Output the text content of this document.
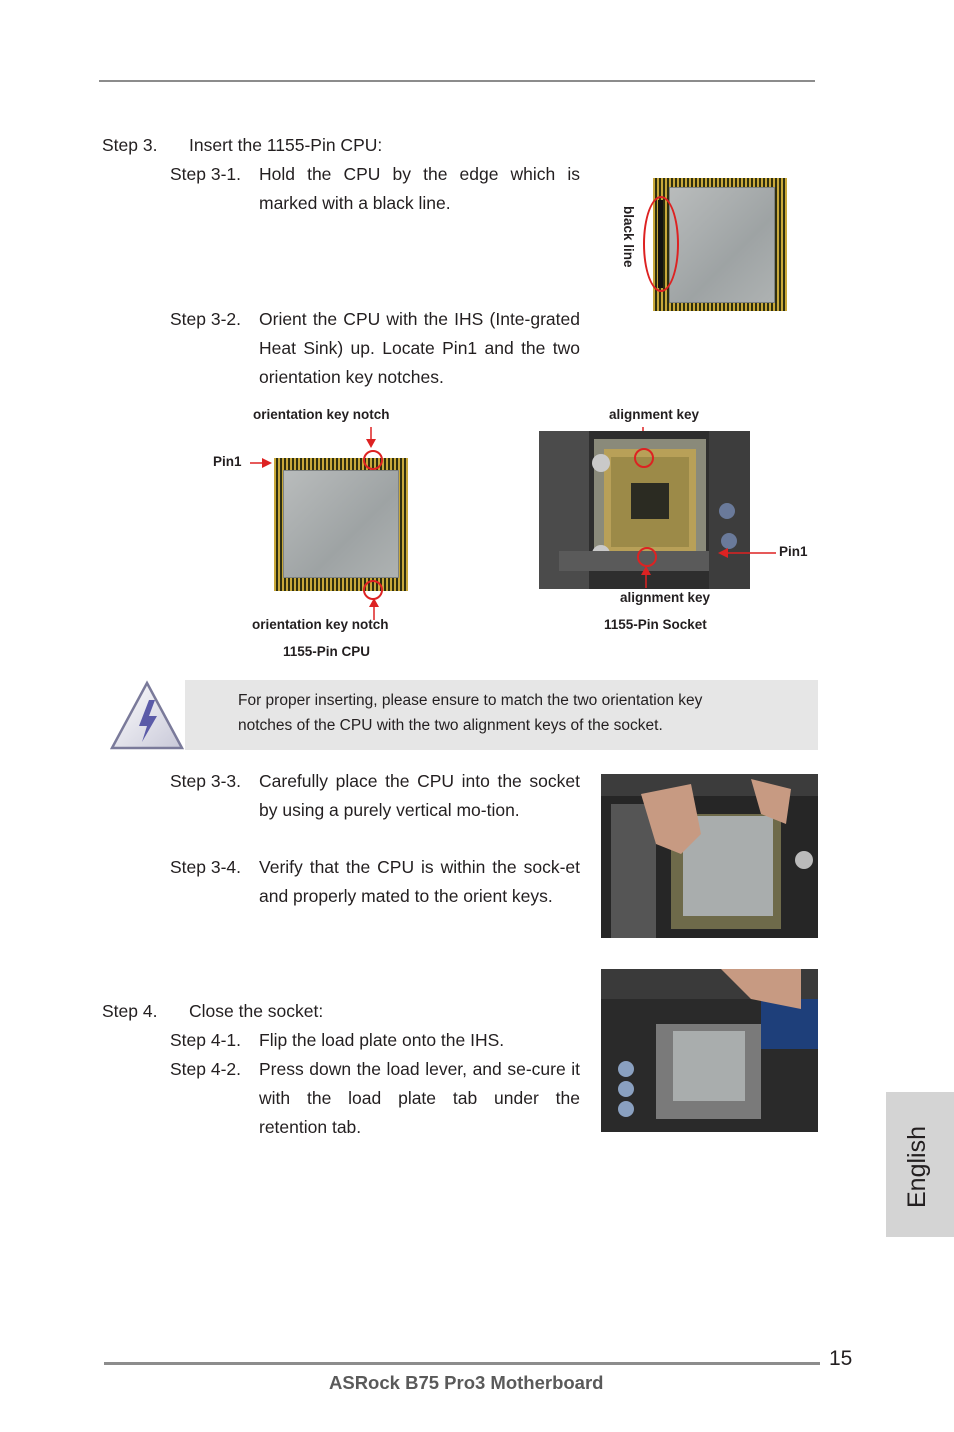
Step 3. Insert the 1155-Pin CPU:
Step 3-1. Hold the CPU by the edge which is marked with a black line.
black line
Step 3-2. Orient the CPU with the IHS (Inte-grated Heat Sink) up. Locate Pin1 and the two orientation key notches.
orientation key notch
Pin1
orientation key notch
1155-Pin CPU
alignment key
Pin1
alignment key
1155-Pin Socket
For proper inserting, please ensure to match the two orientation key
notches of the CPU with the two alignment keys of the socket.
Step 3-3. Carefully place the CPU into the socket by using a purely vertical mo-tion.
Step 3-4. Verify that the CPU is within the sock-et and properly mated to the orient keys.
Step 4. Close the socket:
Step 4-1. Flip the load plate onto the IHS.
Step 4-2. Press down the load lever, and se-cure it with the load plate tab under the retention tab.	English
15
ASRock B75 Pro3 Motherboard
